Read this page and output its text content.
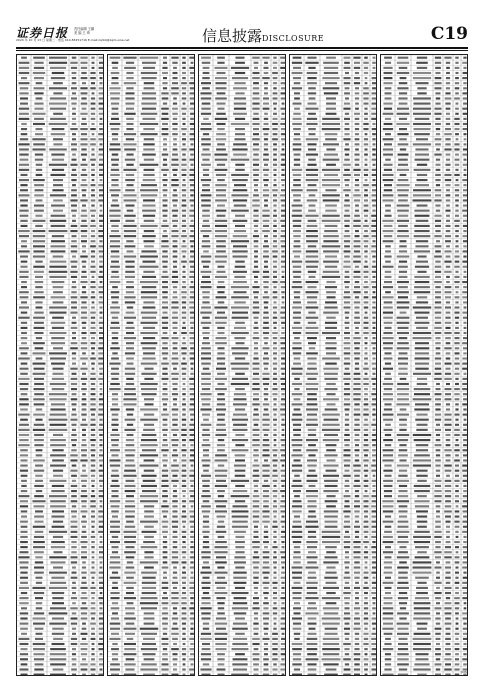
证券日报 责任编辑 王鹏
美 编 王 琦
2020 年 10 月 13 日 星期二 · 电话 010-83251716 E-mail:zqrb9@zqrb.sina.net	信息披露DISCLOSURE	C19
(CIS)
